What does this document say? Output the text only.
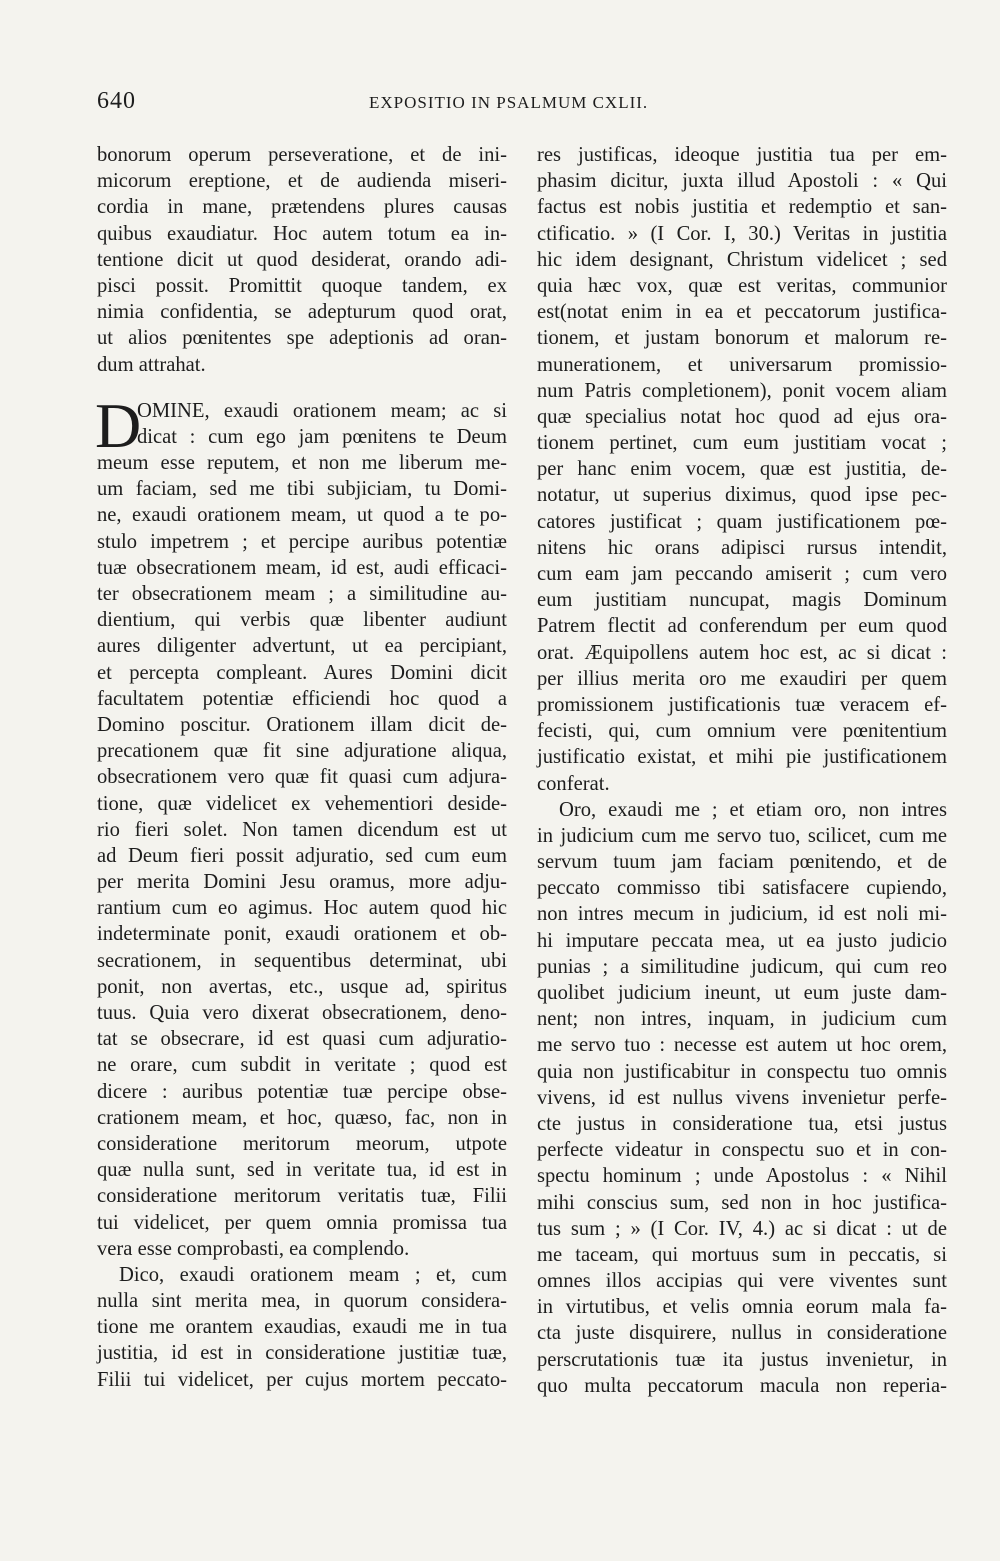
640	EXPOSITIO IN PSALMUM CXLII.

bonorum operum perseveratione, et de ini-

micorum ereptione, et de audienda miseri-

cordia in mane, prætendens plures causas

quibus exaudiatur. Hoc autem totum ea in-

tentione dicit ut quod desiderat, orando adi-

pisci possit. Promittit quoque tandem, ex

nimia confidentia, se adepturum quod orat,

ut alios pœnitentes spe adeptionis ad oran-

dum attrahat.

D

OMINE, exaudi orationem meam; ac si

dicat : cum ego jam pœnitens te Deum

meum esse reputem, et non me liberum me-

um faciam, sed me tibi subjiciam, tu Domi-

ne, exaudi orationem meam, ut quod a te po-

stulo impetrem ; et percipe auribus potentiæ

tuæ obsecrationem meam, id est, audi efficaci-

ter obsecrationem meam ; a similitudine au-

dientium, qui verbis quæ libenter audiunt

aures diligenter advertunt, ut ea percipiant,

et percepta compleant. Aures Domini dicit

facultatem potentiæ efficiendi hoc quod a

Domino poscitur. Orationem illam dicit de-

precationem quæ fit sine adjuratione aliqua,

obsecrationem vero quæ fit quasi cum adjura-

tione, quæ videlicet ex vehementiori deside-

rio fieri solet. Non tamen dicendum est ut

ad Deum fieri possit adjuratio, sed cum eum

per merita Domini Jesu oramus, more adju-

rantium cum eo agimus. Hoc autem quod hic

indeterminate ponit, exaudi orationem et ob-

secrationem, in sequentibus determinat, ubi

ponit, non avertas, etc., usque ad, spiritus

tuus. Quia vero dixerat obsecrationem, deno-

tat se obsecrare, id est quasi cum adjuratio-

ne orare, cum subdit in veritate ; quod est

dicere : auribus potentiæ tuæ percipe obse-

crationem meam, et hoc, quæso, fac, non in

consideratione meritorum meorum, utpote

quæ nulla sunt, sed in veritate tua, id est in

consideratione meritorum veritatis tuæ, Filii

tui videlicet, per quem omnia promissa tua

vera esse comprobasti, ea complendo.

Dico, exaudi orationem meam ; et, cum

nulla sint merita mea, in quorum considera-

tione me orantem exaudias, exaudi me in tua

justitia, id est in consideratione justitiæ tuæ,

Filii tui videlicet, per cujus mortem peccato-

res justificas, ideoque justitia tua per em-

phasim dicitur, juxta illud Apostoli : « Qui

factus est nobis justitia et redemptio et san-

ctificatio. » (I Cor. I, 30.) Veritas in justitia

hic idem designant, Christum videlicet ; sed

quia hæc vox, quæ est veritas, communior

est(notat enim in ea et peccatorum justifica-

tionem, et justam bonorum et malorum re-

munerationem, et universarum promissio-

num Patris completionem), ponit vocem aliam

quæ specialius notat hoc quod ad ejus ora-

tionem pertinet, cum eum justitiam vocat ;

per hanc enim vocem, quæ est justitia, de-

notatur, ut superius diximus, quod ipse pec-

catores justificat ; quam justificationem pœ-

nitens hic orans adipisci rursus intendit,

cum eam jam peccando amiserit ; cum vero

eum justitiam nuncupat, magis Dominum

Patrem flectit ad conferendum per eum quod

orat. Æquipollens autem hoc est, ac si dicat :

per illius merita oro me exaudiri per quem

promissionem justificationis tuæ veracem ef-

fecisti, qui, cum omnium vere pœnitentium

justificatio existat, et mihi pie justificationem

conferat.

Oro, exaudi me ; et etiam oro, non intres

in judicium cum me servo tuo, scilicet, cum me

servum tuum jam faciam pœnitendo, et de

peccato commisso tibi satisfacere cupiendo,

non intres mecum in judicium, id est noli mi-

hi imputare peccata mea, ut ea justo judicio

punias ; a similitudine judicum, qui cum reo

quolibet judicium ineunt, ut eum juste dam-

nent; non intres, inquam, in judicium cum

me servo tuo : necesse est autem ut hoc orem,

quia non justificabitur in conspectu tuo omnis

vivens, id est nullus vivens invenietur perfe-

cte justus in consideratione tua, etsi justus

perfecte videatur in conspectu suo et in con-

spectu hominum ; unde Apostolus : « Nihil

mihi conscius sum, sed non in hoc justifica-

tus sum ; » (I Cor. IV, 4.) ac si dicat : ut de

me taceam, qui mortuus sum in peccatis, si

omnes illos accipias qui vere viventes sunt

in virtutibus, et velis omnia eorum mala fa-

cta juste disquirere, nullus in consideratione

perscrutationis tuæ ita justus invenietur, in

quo multa peccatorum macula non reperia-
